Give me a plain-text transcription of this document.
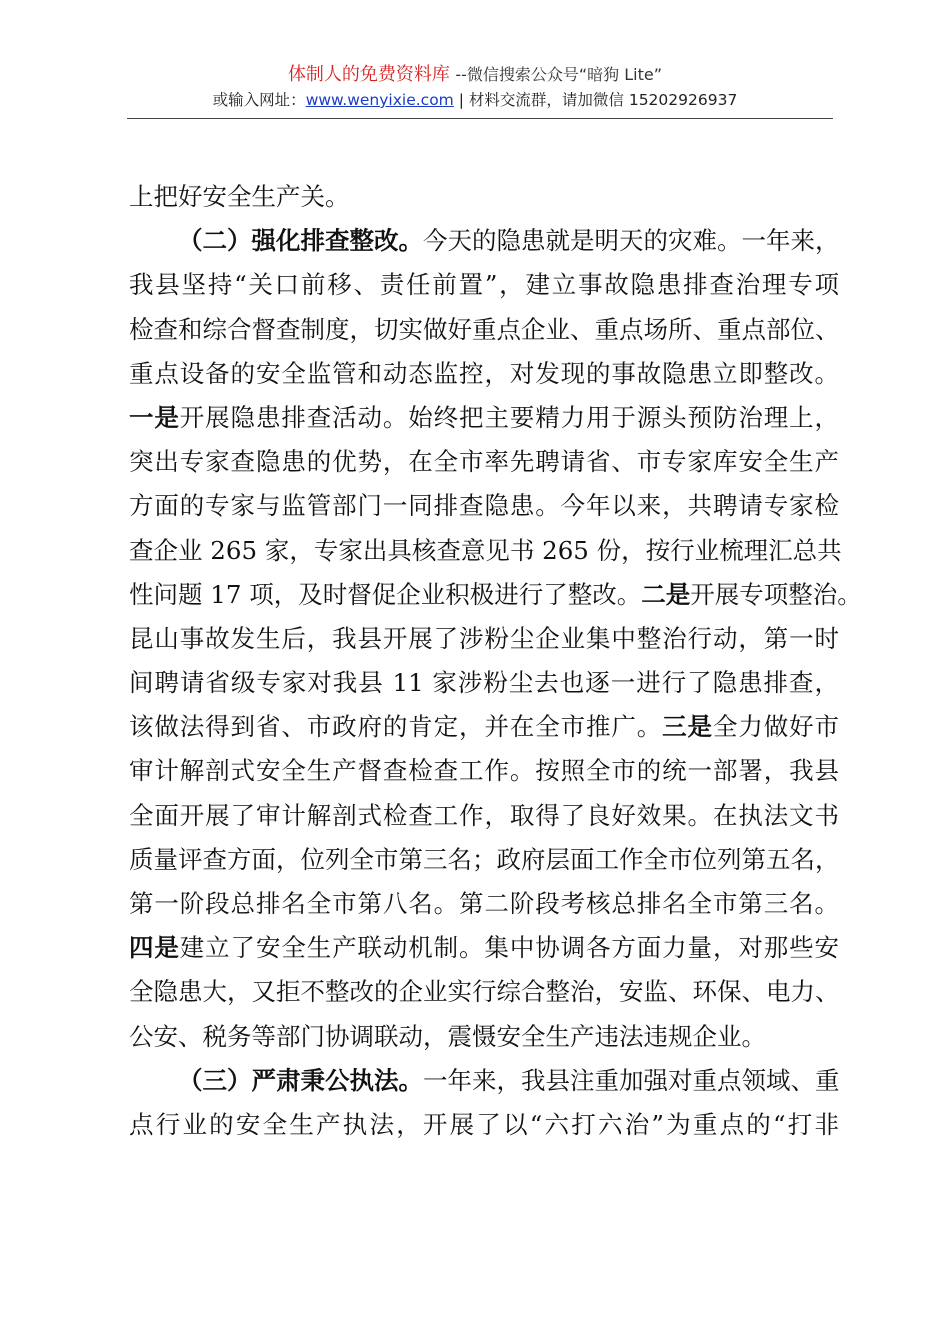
体制人的免费资料库 --微信搜索公众号“暗狗 Lite”
或输入网址：www.wenyixie.com | 材料交流群，请加微信 15202926937
上把好安全生产关。
（二）强化排查整改。今天的隐患就是明天的灾难。一年来，
我县坚持“关口前移、责任前置”，建立事故隐患排查治理专项
检查和综合督查制度，切实做好重点企业、重点场所、重点部位、
重点设备的安全监管和动态监控，对发现的事故隐患立即整改。
一是开展隐患排查活动。始终把主要精力用于源头预防治理上，
突出专家查隐患的优势，在全市率先聘请省、市专家库安全生产
方面的专家与监管部门一同排查隐患。今年以来，共聘请专家检
查企业 265 家，专家出具核查意见书 265 份，按行业梳理汇总共
性问题 17 项，及时督促企业积极进行了整改。二是开展专项整治。
昆山事故发生后，我县开展了涉粉尘企业集中整治行动，第一时
间聘请省级专家对我县 11 家涉粉尘去也逐一进行了隐患排查，
该做法得到省、市政府的肯定，并在全市推广。三是全力做好市
审计解剖式安全生产督查检查工作。按照全市的统一部署，我县
全面开展了审计解剖式检查工作，取得了良好效果。在执法文书
质量评查方面，位列全市第三名；政府层面工作全市位列第五名，
第一阶段总排名全市第八名。第二阶段考核总排名全市第三名。
四是建立了安全生产联动机制。集中协调各方面力量，对那些安
全隐患大，又拒不整改的企业实行综合整治，安监、环保、电力、
公安、税务等部门协调联动，震慑安全生产违法违规企业。
（三）严肃秉公执法。一年来，我县注重加强对重点领域、重
点行业的安全生产执法，开展了以“六打六治”为重点的“打非
